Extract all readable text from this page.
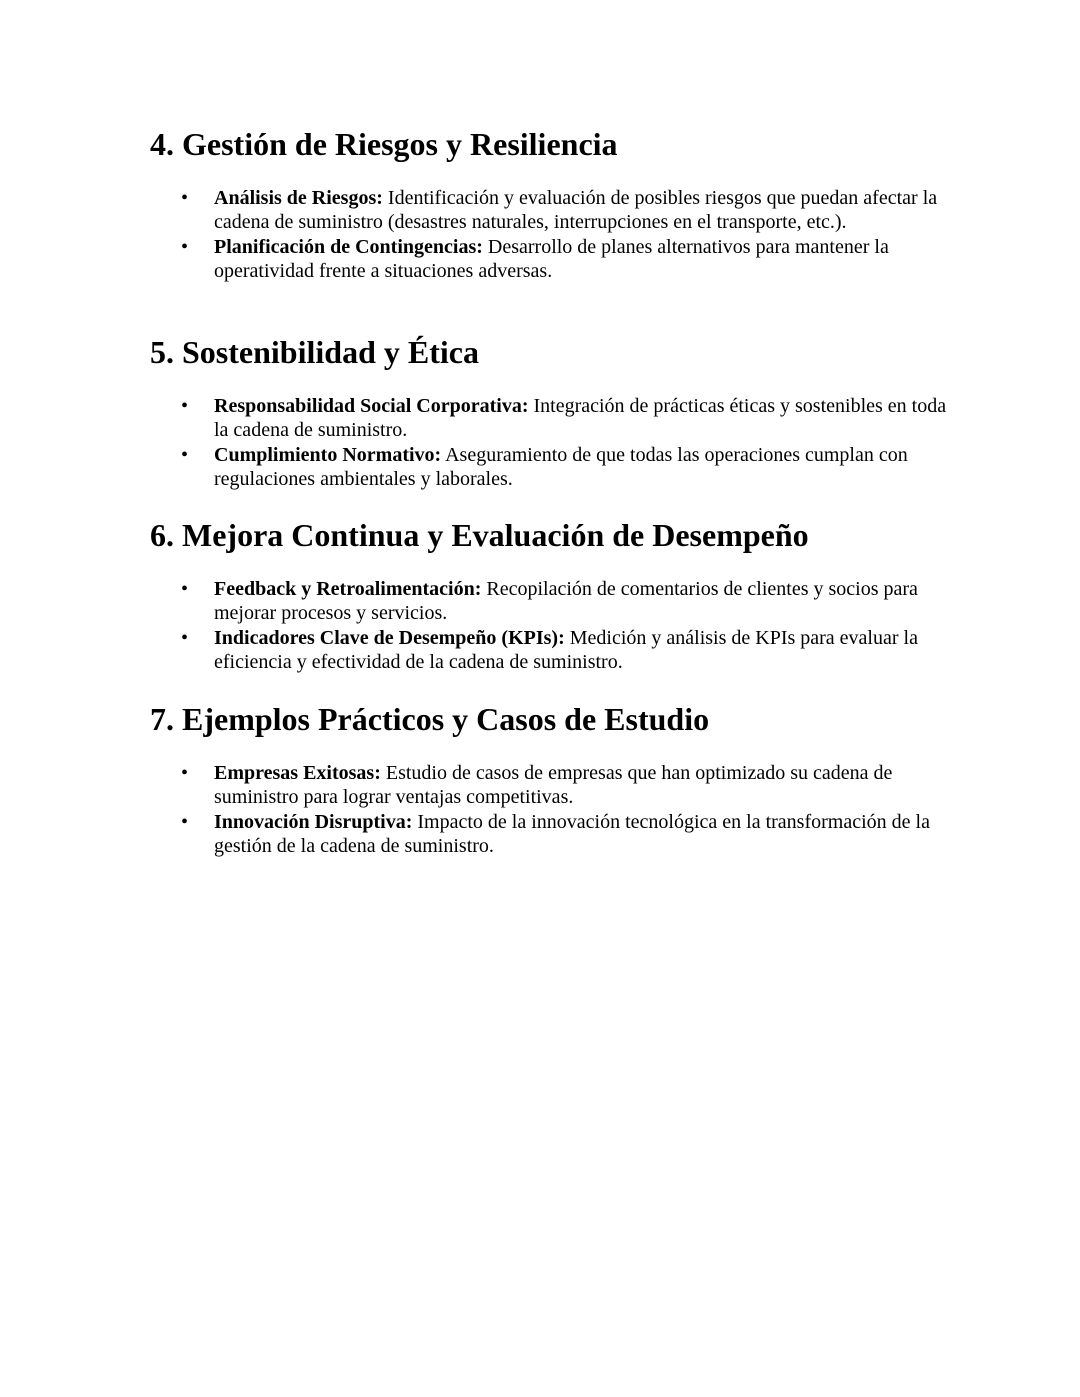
4. Gestión de Riesgos y Resiliencia
• Análisis de Riesgos: Identificación y evaluación de posibles riesgos que puedan afectar la cadena de suministro (desastres naturales, interrupciones en el transporte, etc.).
• Planificación de Contingencias: Desarrollo de planes alternativos para mantener la operatividad frente a situaciones adversas.
5. Sostenibilidad y Ética
• Responsabilidad Social Corporativa: Integración de prácticas éticas y sostenibles en toda la cadena de suministro.
• Cumplimiento Normativo: Aseguramiento de que todas las operaciones cumplan con regulaciones ambientales y laborales.
6. Mejora Continua y Evaluación de Desempeño
• Feedback y Retroalimentación: Recopilación de comentarios de clientes y socios para mejorar procesos y servicios.
• Indicadores Clave de Desempeño (KPIs): Medición y análisis de KPIs para evaluar la eficiencia y efectividad de la cadena de suministro.
7. Ejemplos Prácticos y Casos de Estudio
• Empresas Exitosas: Estudio de casos de empresas que han optimizado su cadena de suministro para lograr ventajas competitivas.
• Innovación Disruptiva: Impacto de la innovación tecnológica en la transformación de la gestión de la cadena de suministro.
